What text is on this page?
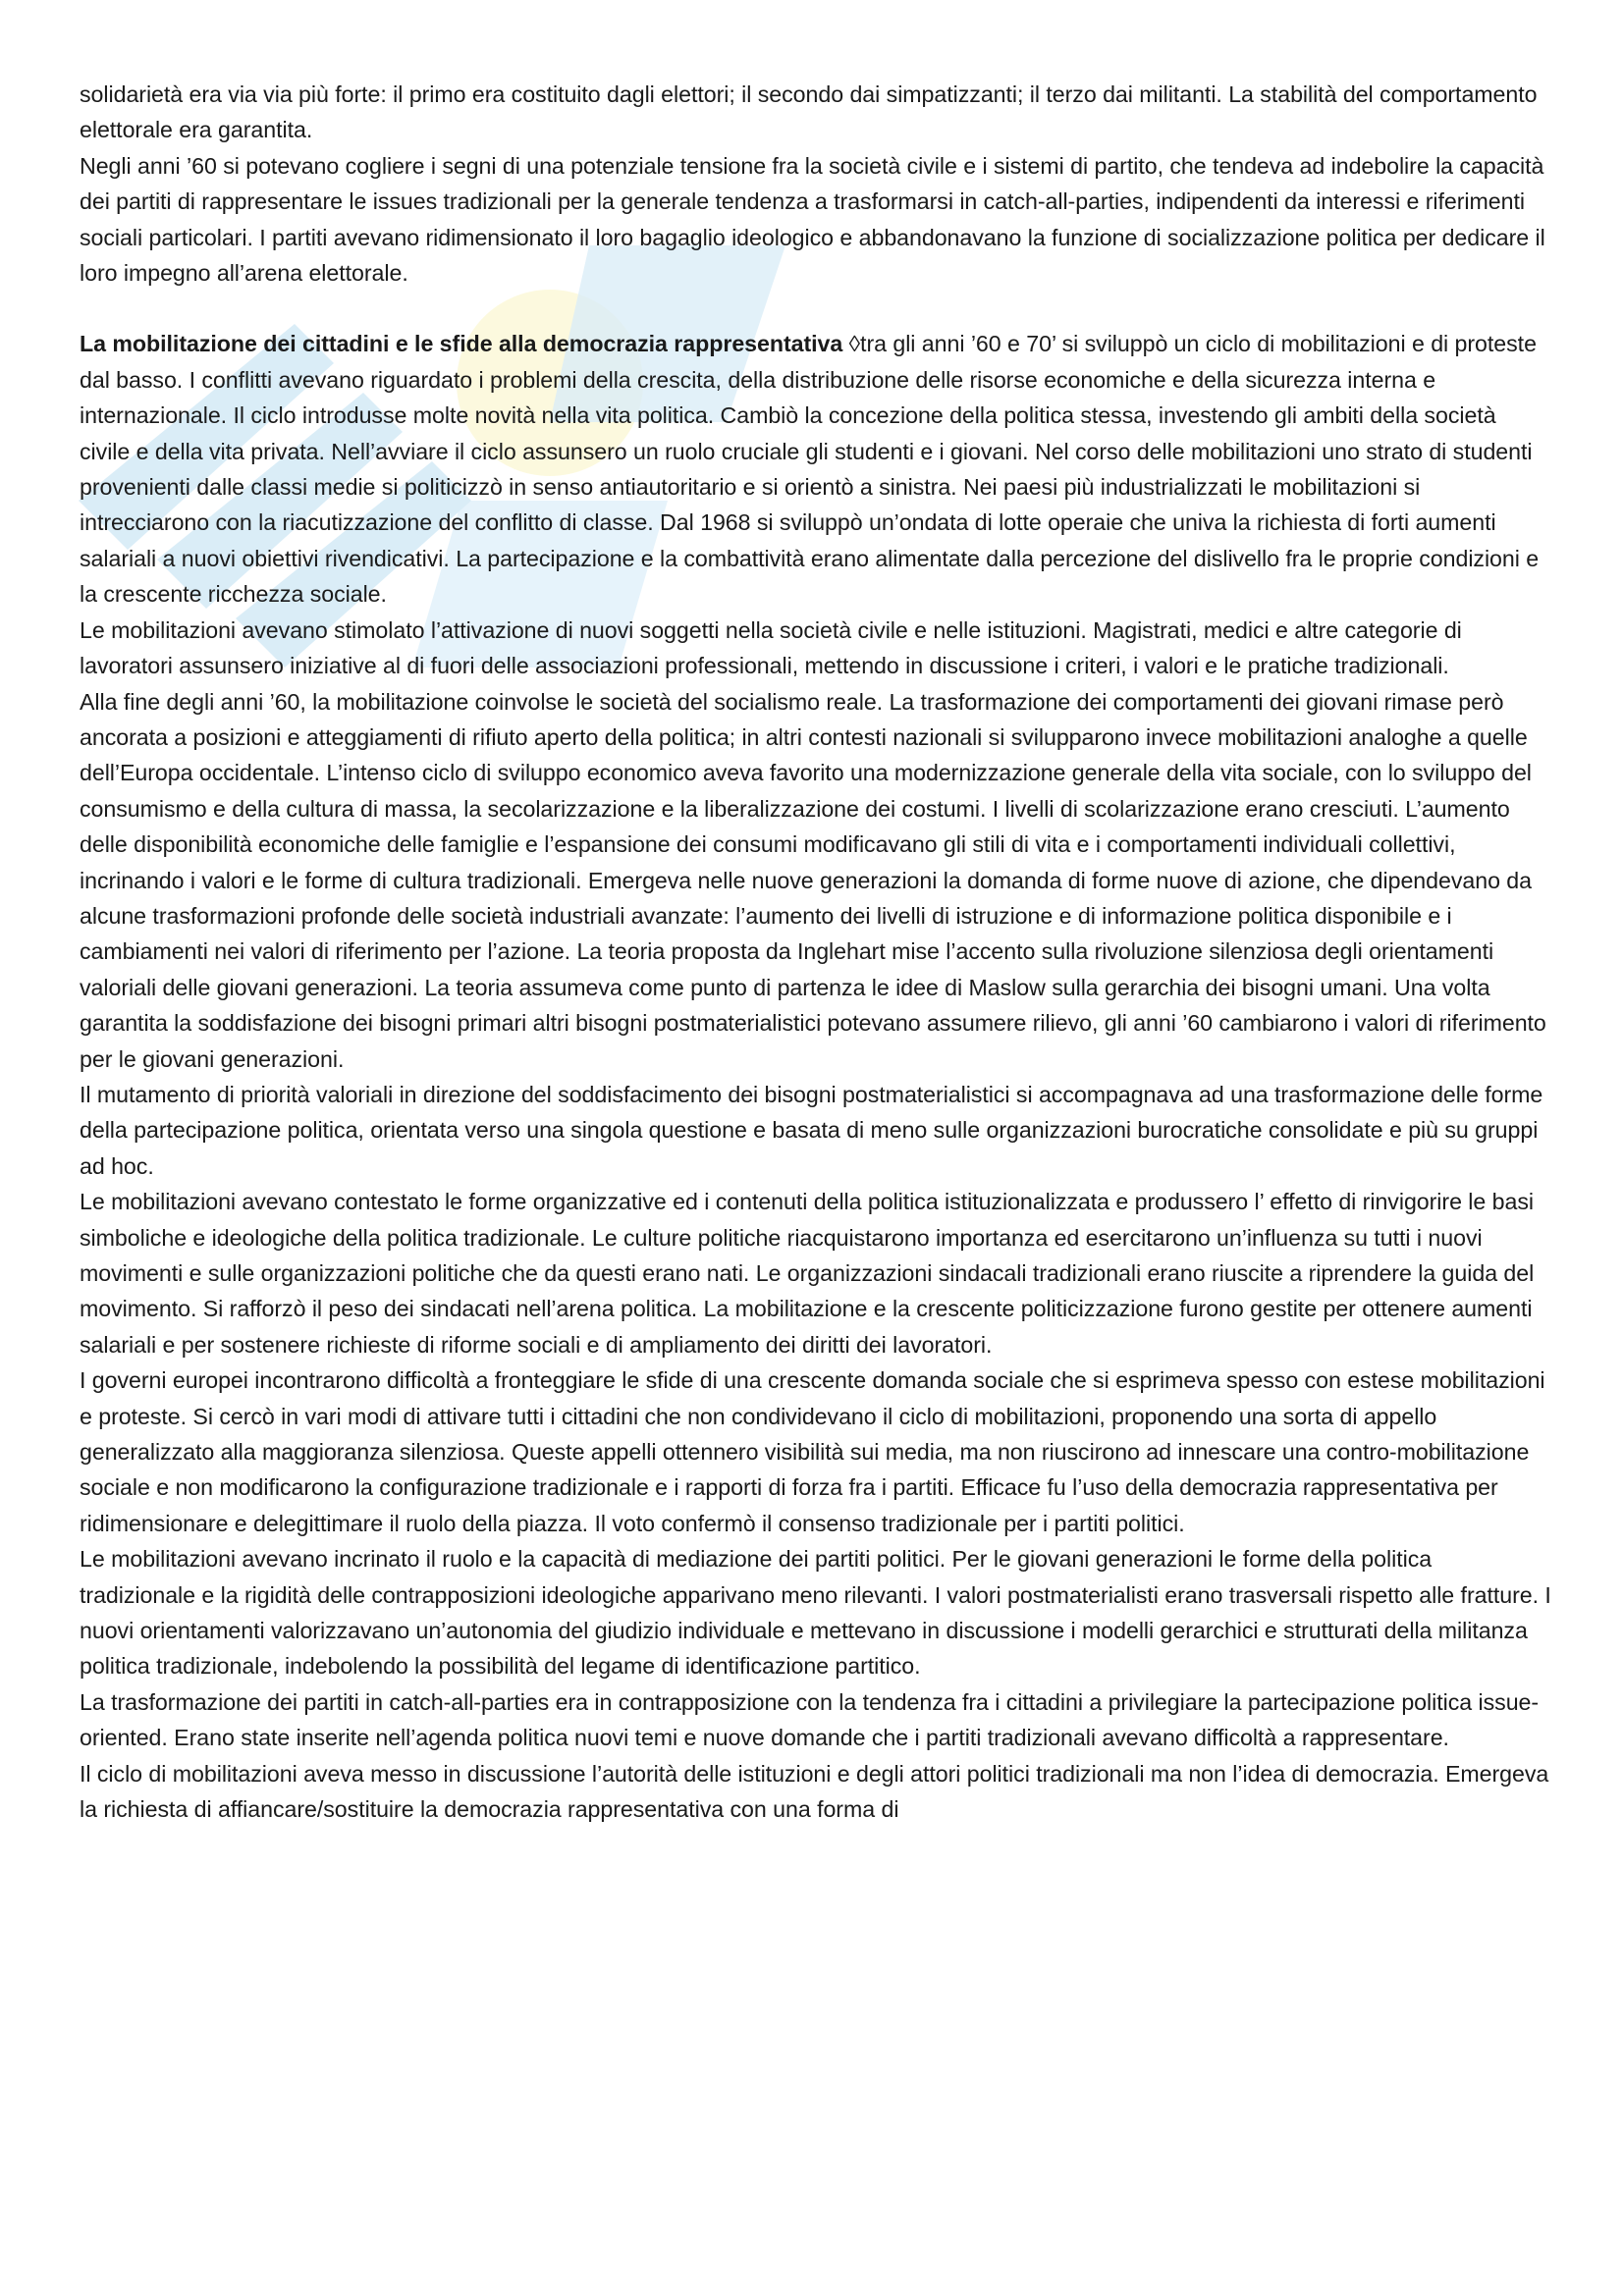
solidarietà era via via più forte: il primo era costituito dagli elettori; il secondo dai simpatizzanti; il terzo dai militanti. La stabilità del comportamento elettorale era garantita.

Negli anni ’60 si potevano cogliere i segni di una potenziale tensione fra la società civile e i sistemi di partito, che tendeva ad indebolire la capacità dei partiti di rappresentare le issues tradizionali per la generale tendenza a trasformarsi in catch-all-parties, indipendenti da interessi e riferimenti sociali particolari. I partiti avevano ridimensionato il loro bagaglio ideologico e abbandonavano la funzione di socializzazione politica per dedicare il loro impegno all’arena elettorale.

La mobilitazione dei cittadini e le sfide alla democrazia rappresentativa ◊tra gli anni ’60 e 70’ si sviluppò un ciclo di mobilitazioni e di proteste dal basso. I conflitti avevano riguardato i problemi della crescita, della distribuzione delle risorse economiche e della sicurezza interna e internazionale. Il ciclo introdusse molte novità nella vita politica. Cambiò la concezione della politica stessa, investendo gli ambiti della società civile e della vita privata. Nell’avviare il ciclo assunsero un ruolo cruciale gli studenti e i giovani. Nel corso delle mobilitazioni uno strato di studenti provenienti dalle classi medie si politicizzò in senso antiautoritario e si orientò a sinistra. Nei paesi più industrializzati le mobilitazioni si intrecciarono con la riacutizzazione del conflitto di classe. Dal 1968 si sviluppò un’ondata di lotte operaie che univa la richiesta di forti aumenti salariali a nuovi obiettivi rivendicativi. La partecipazione e la combattività erano alimentate dalla percezione del dislivello fra le proprie condizioni e la crescente ricchezza sociale.

Le mobilitazioni avevano stimolato l’attivazione di nuovi soggetti nella società civile e nelle istituzioni. Magistrati, medici e altre categorie di lavoratori assunsero iniziative al di fuori delle associazioni professionali, mettendo in discussione i criteri, i valori e le pratiche tradizionali.

Alla fine degli anni ’60, la mobilitazione coinvolse le società del socialismo reale. La trasformazione dei comportamenti dei giovani rimase però ancorata a posizioni e atteggiamenti di rifiuto aperto della politica; in altri contesti nazionali si svilupparono invece mobilitazioni analoghe a quelle dell’Europa occidentale. L’intenso ciclo di sviluppo economico aveva favorito una modernizzazione generale della vita sociale, con lo sviluppo del consumismo e della cultura di massa, la secolarizzazione e la liberalizzazione dei costumi. I livelli di scolarizzazione erano cresciuti. L’aumento delle disponibilità economiche delle famiglie e l’espansione dei consumi modificavano gli stili di vita e i comportamenti individuali collettivi, incrinando i valori e le forme di cultura tradizionali. Emergeva nelle nuove generazioni la domanda di forme nuove di azione, che dipendevano da alcune trasformazioni profonde delle società industriali avanzate: l’aumento dei livelli di istruzione e di informazione politica disponibile e i cambiamenti nei valori di riferimento per l’azione. La teoria proposta da Inglehart mise l’accento sulla rivoluzione silenziosa degli orientamenti valoriali delle giovani generazioni. La teoria assumeva come punto di partenza le idee di Maslow sulla gerarchia dei bisogni umani. Una volta garantita la soddisfazione dei bisogni primari altri bisogni postmaterialistici potevano assumere rilievo, gli anni ’60 cambiarono i valori di riferimento per le giovani generazioni.

Il mutamento di priorità valoriali in direzione del soddisfacimento dei bisogni postmaterialistici si accompagnava ad una trasformazione delle forme della partecipazione politica, orientata verso una singola questione e basata di meno sulle organizzazioni burocratiche consolidate e più su gruppi ad hoc.

Le mobilitazioni avevano contestato le forme organizzative ed i contenuti della politica istituzionalizzata e produssero l’ effetto di rinvigorire le basi simboliche e ideologiche della politica tradizionale. Le culture politiche riacquistarono importanza ed esercitarono un’influenza su tutti i nuovi movimenti e sulle organizzazioni politiche che da questi erano nati. Le organizzazioni sindacali tradizionali erano riuscite a riprendere la guida del movimento. Si rafforzò il peso dei sindacati nell’arena politica. La mobilitazione e la crescente politicizzazione furono gestite per ottenere aumenti salariali e per sostenere richieste di riforme sociali e di ampliamento dei diritti dei lavoratori.

I governi europei incontrarono difficoltà a fronteggiare le sfide di una crescente domanda sociale che si esprimeva spesso con estese mobilitazioni e proteste. Si cercò in vari modi di attivare tutti i cittadini che non condividevano il ciclo di mobilitazioni, proponendo una sorta di appello generalizzato alla maggioranza silenziosa. Queste appelli ottennero visibilità sui media, ma non riuscirono ad innescare una contro-mobilitazione sociale e non modificarono la configurazione tradizionale e i rapporti di forza fra i partiti. Efficace fu l’uso della democrazia rappresentativa per ridimensionare e delegittimare il ruolo della piazza. Il voto confermò il consenso tradizionale per i partiti politici.

Le mobilitazioni avevano incrinato il ruolo e la capacità di mediazione dei partiti politici. Per le giovani generazioni le forme della politica tradizionale e la rigidità delle contrapposizioni ideologiche apparivano meno rilevanti. I valori postmaterialisti erano trasversali rispetto alle fratture. I nuovi orientamenti valorizzavano un’autonomia del giudizio individuale e mettevano in discussione i modelli gerarchici e strutturati della militanza politica tradizionale, indebolendo la possibilità del legame di identificazione partitico.

La trasformazione dei partiti in catch-all-parties era in contrapposizione con la tendenza fra i cittadini a privilegiare la partecipazione politica issue-oriented. Erano state inserite nell’agenda politica nuovi temi e nuove domande che i partiti tradizionali avevano difficoltà a rappresentare.

Il ciclo di mobilitazioni aveva messo in discussione l’autorità delle istituzioni e degli attori politici tradizionali ma non l’idea di democrazia. Emergeva la richiesta di affiancare/sostituire la democrazia rappresentativa con una forma di
